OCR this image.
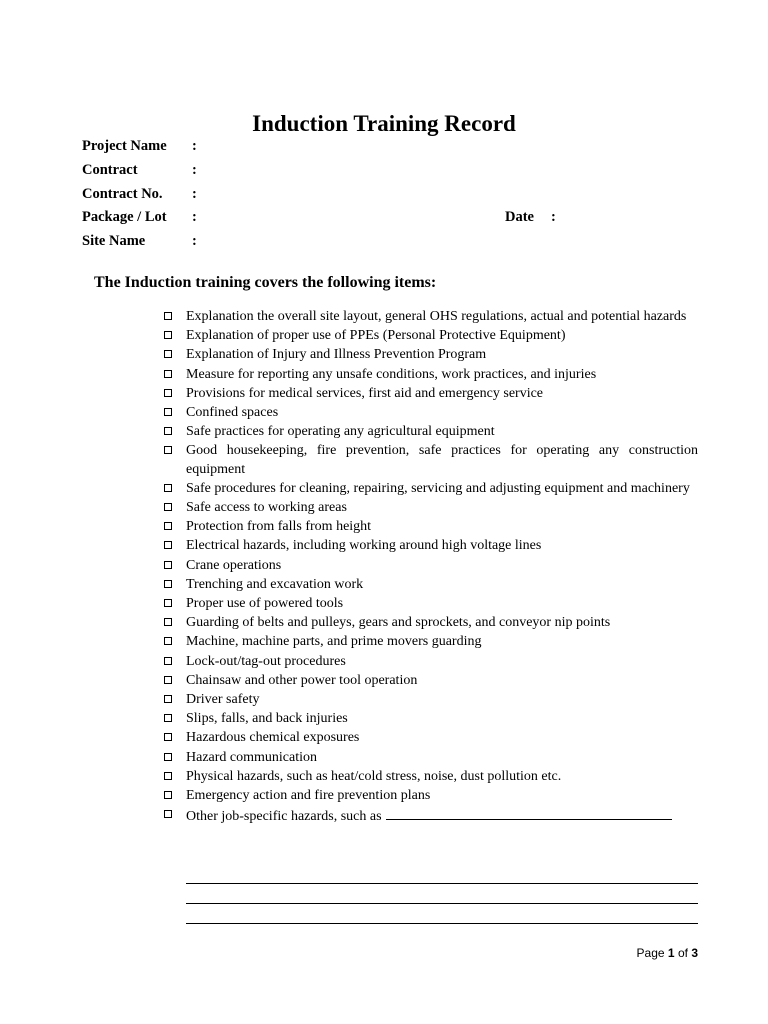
Induction Training Record
Project Name :
Contract	:
Contract No. :
Package / Lot :	Date :
Site Name	:
The Induction training covers the following items:
Explanation the overall site layout, general OHS regulations, actual and potential hazards
Explanation of proper use of PPEs (Personal Protective Equipment)
Explanation of Injury and Illness Prevention Program
Measure for reporting any unsafe conditions, work practices, and injuries
Provisions for medical services, first aid and emergency service
Confined spaces
Safe practices for operating any agricultural equipment
Good housekeeping, fire prevention, safe practices for operating any construction equipment
Safe procedures for cleaning, repairing, servicing and adjusting equipment and machinery
Safe access to working areas
Protection from falls from height
Electrical hazards, including working around high voltage lines
Crane operations
Trenching and excavation work
Proper use of powered tools
Guarding of belts and pulleys, gears and sprockets, and conveyor nip points
Machine, machine parts, and prime movers guarding
Lock-out/tag-out procedures
Chainsaw and other power tool operation
Driver safety
Slips, falls, and back injuries
Hazardous chemical exposures
Hazard communication
Physical hazards, such as heat/cold stress, noise, dust pollution etc.
Emergency action and fire prevention plans
Other job-specific hazards, such as
Page 1 of 3
